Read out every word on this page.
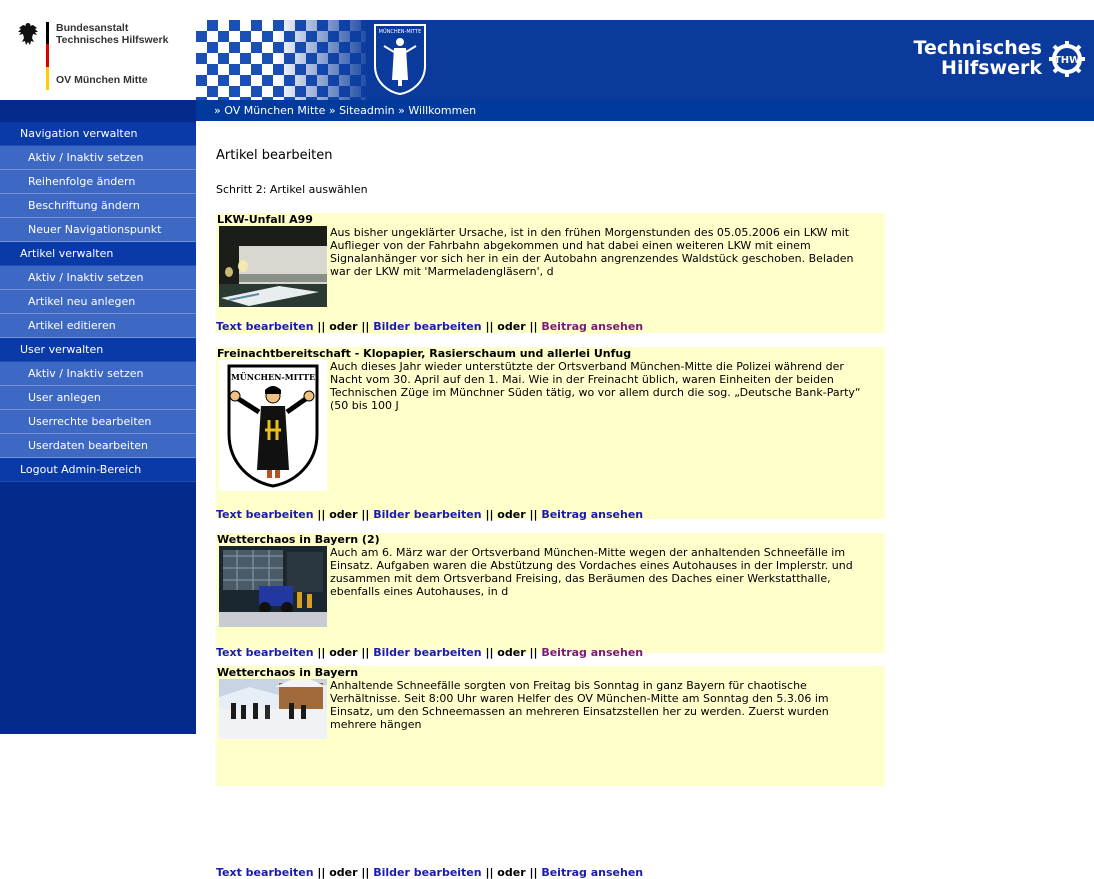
Bundesanstalt
Technisches Hilfswerk
OV München Mitte
MÜNCHEN-MITTE
Technisches
Hilfswerk THW
» OV München Mitte » Siteadmin » Willkommen
Navigation verwalten
Aktiv / Inaktiv setzen
Reihenfolge ändern
Beschriftung ändern
Neuer Navigationspunkt
Artikel verwalten
Aktiv / Inaktiv setzen
Artikel neu anlegen
Artikel editieren
User verwalten
Aktiv / Inaktiv setzen
User anlegen
Userrechte bearbeiten
Userdaten bearbeiten
Logout Admin-Bereich
Artikel bearbeiten
Schritt 2: Artikel auswählen
LKW-Unfall A99
Aus bisher ungeklärter Ursache, ist in den frühen Morgenstunden des 05.05.2006 ein LKW mit Auflieger von der Fahrbahn abgekommen und hat dabei einen weiteren LKW mit einem Signalanhänger vor sich her in ein der Autobahn angrenzendes Waldstück geschoben. Beladen war der LKW mit 'Marmeladengläsern', d
Text bearbeiten || oder || Bilder bearbeiten || oder || Beitrag ansehen
Freinachtbereitschaft - Klopapier, Rasierschaum und allerlei Unfug
MÜNCHEN-MITTE
Auch dieses Jahr wieder unterstützte der Ortsverband München-Mitte die Polizei während der Nacht vom 30. April auf den 1. Mai. Wie in der Freinacht üblich, waren Einheiten der beiden Technischen Züge im Münchner Süden tätig, wo vor allem durch die sog. „Deutsche Bank-Party“ (50 bis 100 J
Text bearbeiten || oder || Bilder bearbeiten || oder || Beitrag ansehen
Wetterchaos in Bayern (2)
Auch am 6. März war der Ortsverband München-Mitte wegen der anhaltenden Schneefälle im Einsatz. Aufgaben waren die Abstützung des Vordaches eines Autohauses in der Implerstr. und zusammen mit dem Ortsverband Freising, das Beräumen des Daches einer Werkstatthalle, ebenfalls eines Autohauses, in d
Text bearbeiten || oder || Bilder bearbeiten || oder || Beitrag ansehen
Wetterchaos in Bayern
Anhaltende Schneefälle sorgten von Freitag bis Sonntag in ganz Bayern für chaotische Verhältnisse. Seit 8:00 Uhr waren Helfer des OV München-Mitte am Sonntag den 5.3.06 im Einsatz, um den Schneemassen an mehreren Einsatzstellen her zu werden. Zuerst wurden mehrere hängen
Text bearbeiten || oder || Bilder bearbeiten || oder || Beitrag ansehen
